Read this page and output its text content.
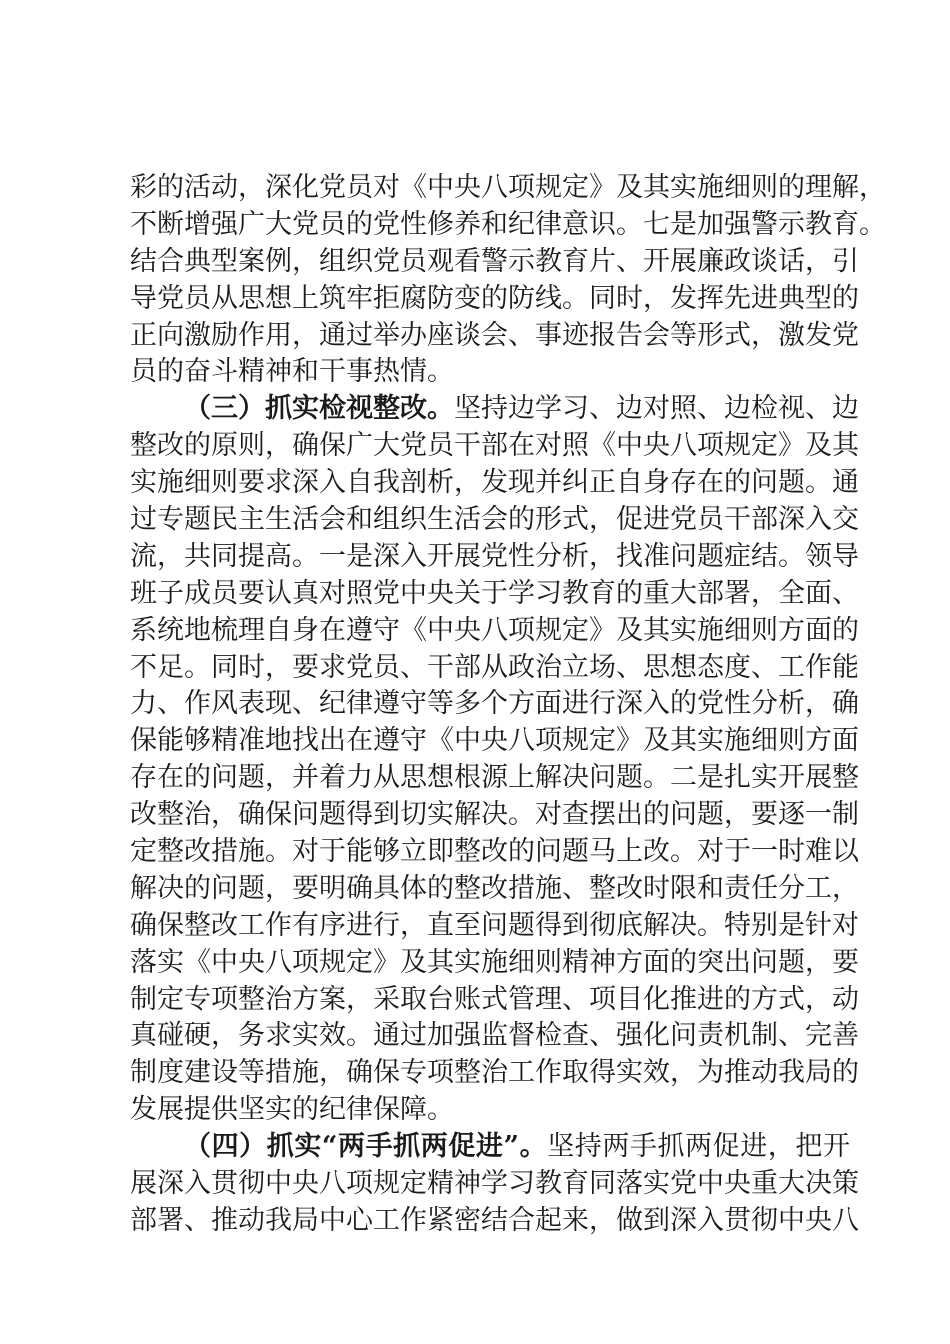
彩的活动，深化党员对《中央八项规定》及其实施细则的理解，
不断增强广大党员的党性修养和纪律意识。七是加强警示教育。
结合典型案例，组织党员观看警示教育片、开展廉政谈话，引
导党员从思想上筑牢拒腐防变的防线。同时，发挥先进典型的
正向激励作用，通过举办座谈会、事迹报告会等形式，激发党
员的奋斗精神和干事热情。
（三）抓实检视整改。坚持边学习、边对照、边检视、边
整改的原则，确保广大党员干部在对照《中央八项规定》及其
实施细则要求深入自我剖析，发现并纠正自身存在的问题。通
过专题民主生活会和组织生活会的形式，促进党员干部深入交
流，共同提高。一是深入开展党性分析，找准问题症结。领导
班子成员要认真对照党中央关于学习教育的重大部署，全面、
系统地梳理自身在遵守《中央八项规定》及其实施细则方面的
不足。同时，要求党员、干部从政治立场、思想态度、工作能
力、作风表现、纪律遵守等多个方面进行深入的党性分析，确
保能够精准地找出在遵守《中央八项规定》及其实施细则方面
存在的问题，并着力从思想根源上解决问题。二是扎实开展整
改整治，确保问题得到切实解决。对查摆出的问题，要逐一制
定整改措施。对于能够立即整改的问题马上改。对于一时难以
解决的问题，要明确具体的整改措施、整改时限和责任分工，
确保整改工作有序进行，直至问题得到彻底解决。特别是针对
落实《中央八项规定》及其实施细则精神方面的突出问题，要
制定专项整治方案，采取台账式管理、项目化推进的方式，动
真碰硬，务求实效。通过加强监督检查、强化问责机制、完善
制度建设等措施，确保专项整治工作取得实效，为推动我局的
发展提供坚实的纪律保障。
（四）抓实“两手抓两促进”。坚持两手抓两促进，把开
展深入贯彻中央八项规定精神学习教育同落实党中央重大决策
部署、推动我局中心工作紧密结合起来，做到深入贯彻中央八
